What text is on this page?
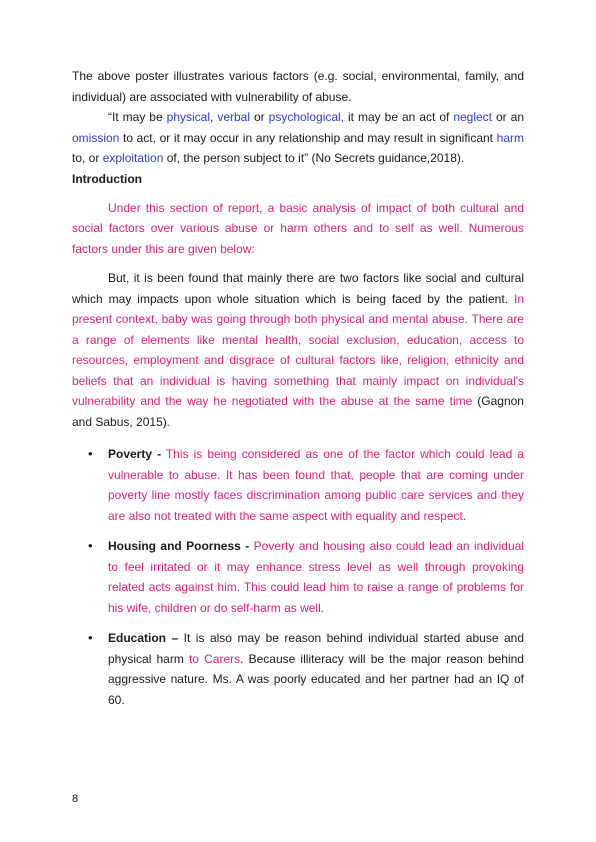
The above poster illustrates various factors (e.g. social, environmental, family, and individual) are associated with vulnerability of abuse.

“It may be physical, verbal or psychological, it may be an act of neglect or an omission to act, or it may occur in any relationship and may result in significant harm to, or exploitation of, the person subject to it” (No Secrets guidance,2018).

Introduction

Under this section of report, a basic analysis of impact of both cultural and social factors over various abuse or harm others and to self as well. Numerous factors under this are given below:

But, it is been found that mainly there are two factors like social and cultural which may impacts upon whole situation which is being faced by the patient. In present context, baby was going through both physical and mental abuse. There are a range of elements like mental health, social exclusion, education, access to resources, employment and disgrace of cultural factors like, religion, ethnicity and beliefs that an individual is having something that mainly impact on individual's vulnerability and the way he negotiated with the abuse at the same time (Gagnon and Sabus, 2015).

• Poverty - This is being considered as one of the factor which could lead a vulnerable to abuse. It has been found that, people that are coming under poverty line mostly faces discrimination among public care services and they are also not treated with the same aspect with equality and respect.

• Housing and Poorness - Poverty and housing also could lead an individual to feel irritated or it may enhance stress level as well through provoking related acts against him. This could lead him to raise a range of problems for his wife, children or do self-harm as well.

• Education – It is also may be reason behind individual started abuse and physical harm to Carers. Because illiteracy will be the major reason behind aggressive nature. Ms. A was poorly educated and her partner had an IQ of 60.

8
